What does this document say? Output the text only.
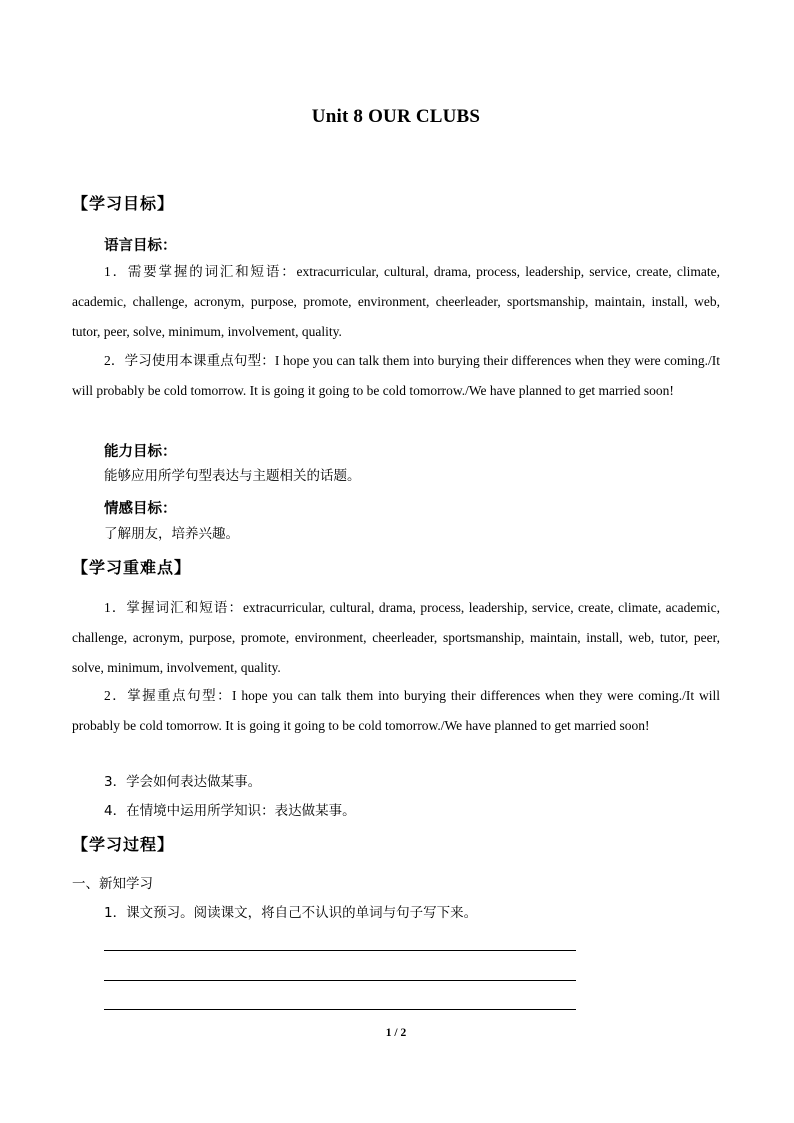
Unit 8 OUR CLUBS
【学习目标】
语言目标：
1．需要掌握的词汇和短语：extracurricular, cultural, drama, process, leadership, service, create, climate, academic, challenge, acronym, purpose, promote, environment, cheerleader, sportsmanship, maintain, install, web, tutor, peer, solve, minimum, involvement, quality.
2．学习使用本课重点句型：I hope you can talk them into burying their differences when they were coming./It will probably be cold tomorrow. It is going it going to be cold tomorrow./We have planned to get married soon!
能力目标：
能够应用所学句型表达与主题相关的话题。
情感目标：
了解朋友，培养兴趣。
【学习重难点】
1．掌握词汇和短语：extracurricular, cultural, drama, process, leadership, service, create, climate, academic, challenge, acronym, purpose, promote, environment, cheerleader, sportsmanship, maintain, install, web, tutor, peer, solve, minimum, involvement, quality.
2．掌握重点句型：I hope you can talk them into burying their differences when they were coming./It will probably be cold tomorrow. It is going it going to be cold tomorrow./We have planned to get married soon!
3．学会如何表达做某事。
4．在情境中运用所学知识：表达做某事。
【学习过程】
一、新知学习
1．课文预习。阅读课文，将自己不认识的单词与句子写下来。
1 / 2
